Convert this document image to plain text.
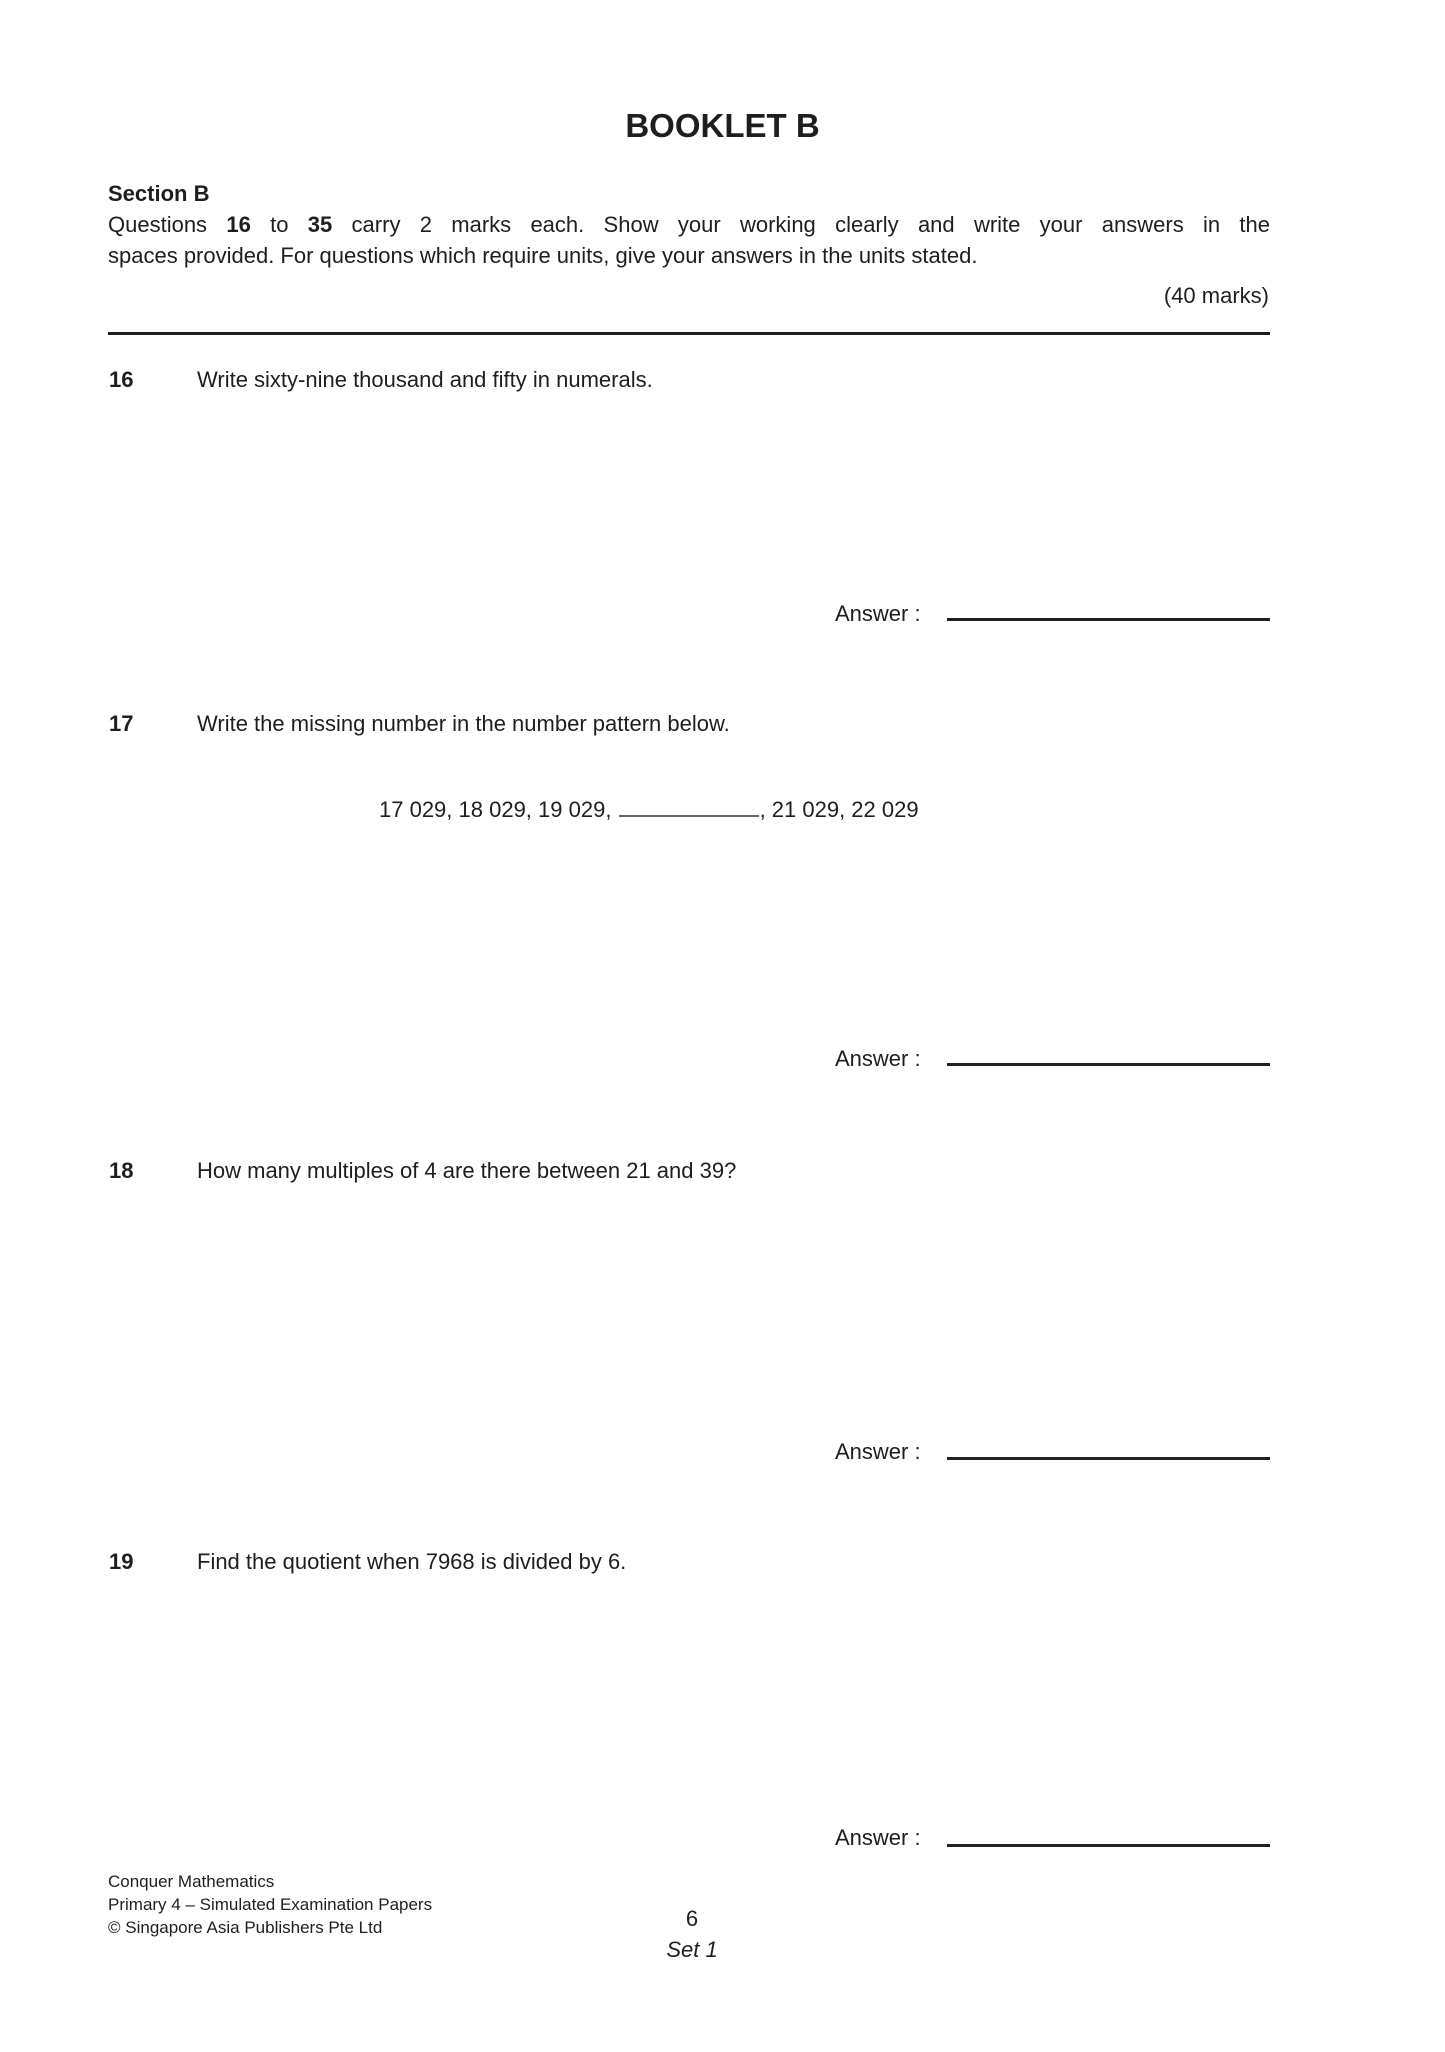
BOOKLET B
Section B
Questions 16 to 35 carry 2 marks each. Show your working clearly and write your answers in the
spaces provided. For questions which require units, give your answers in the units stated.
(40 marks)
16	Write sixty-nine thousand and fifty in numerals.
Answer :
17	Write the missing number in the number pattern below.
17 029, 18 029, 19 029,	, 21 029, 22 029
Answer :
18	How many multiples of 4 are there between 21 and 39?
Answer :
19	Find the quotient when 7968 is divided by 6.
Answer :
Conquer Mathematics
Primary 4 – Simulated Examination Papers
© Singapore Asia Publishers Pte Ltd	6
Set 1
